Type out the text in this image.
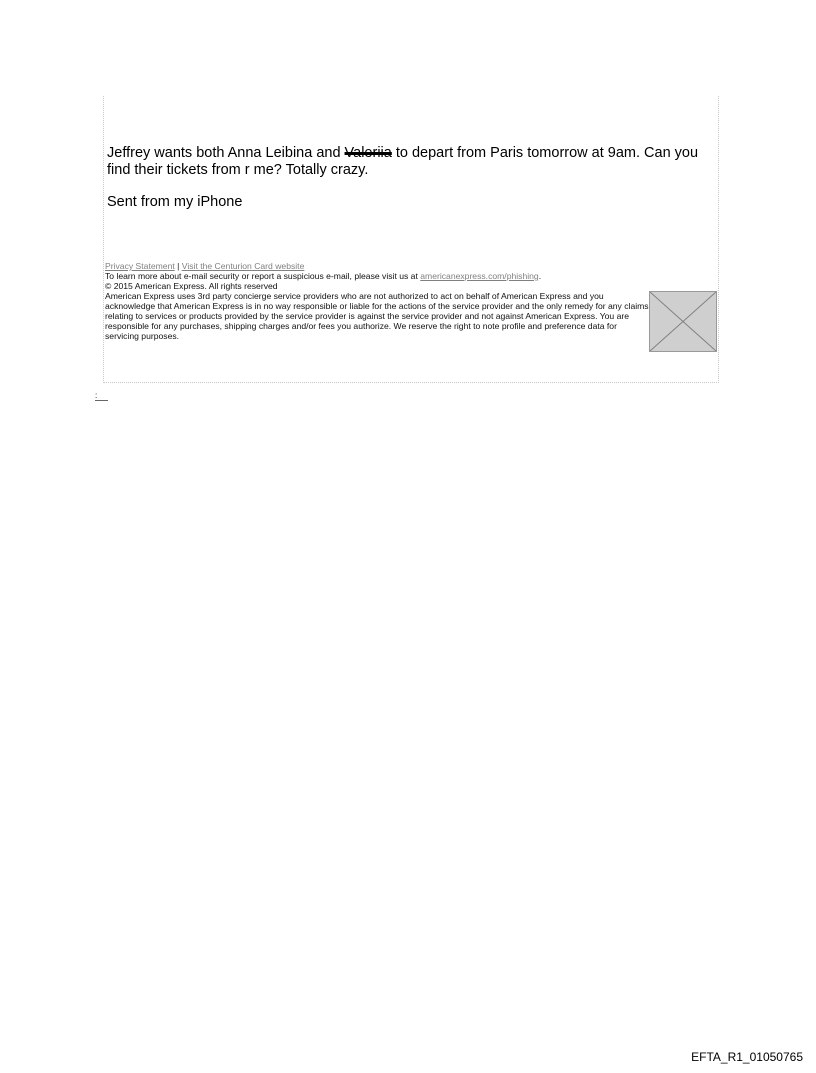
Jeffrey wants both Anna Leibina and Valeriia to depart from Paris tomorrow at 9am. Can you find their tickets from r me? Totally crazy.

Sent from my iPhone
Privacy Statement | Visit the Centurion Card website
To learn more about e-mail security or report a suspicious e-mail, please visit us at americanexpress.com/phishing.
© 2015 American Express. All rights reserved
American Express uses 3rd party concierge service providers who are not authorized to act on behalf of American Express and you acknowledge that American Express is in no way responsible or liable for the actions of the service provider and the only remedy for any claims relating to services or products provided by the service provider is against the service provider and not against American Express. You are responsible for any purchases, shipping charges and/or fees you authorize. We reserve the right to note profile and preference data for servicing purposes.
:
EFTA_R1_01050765
